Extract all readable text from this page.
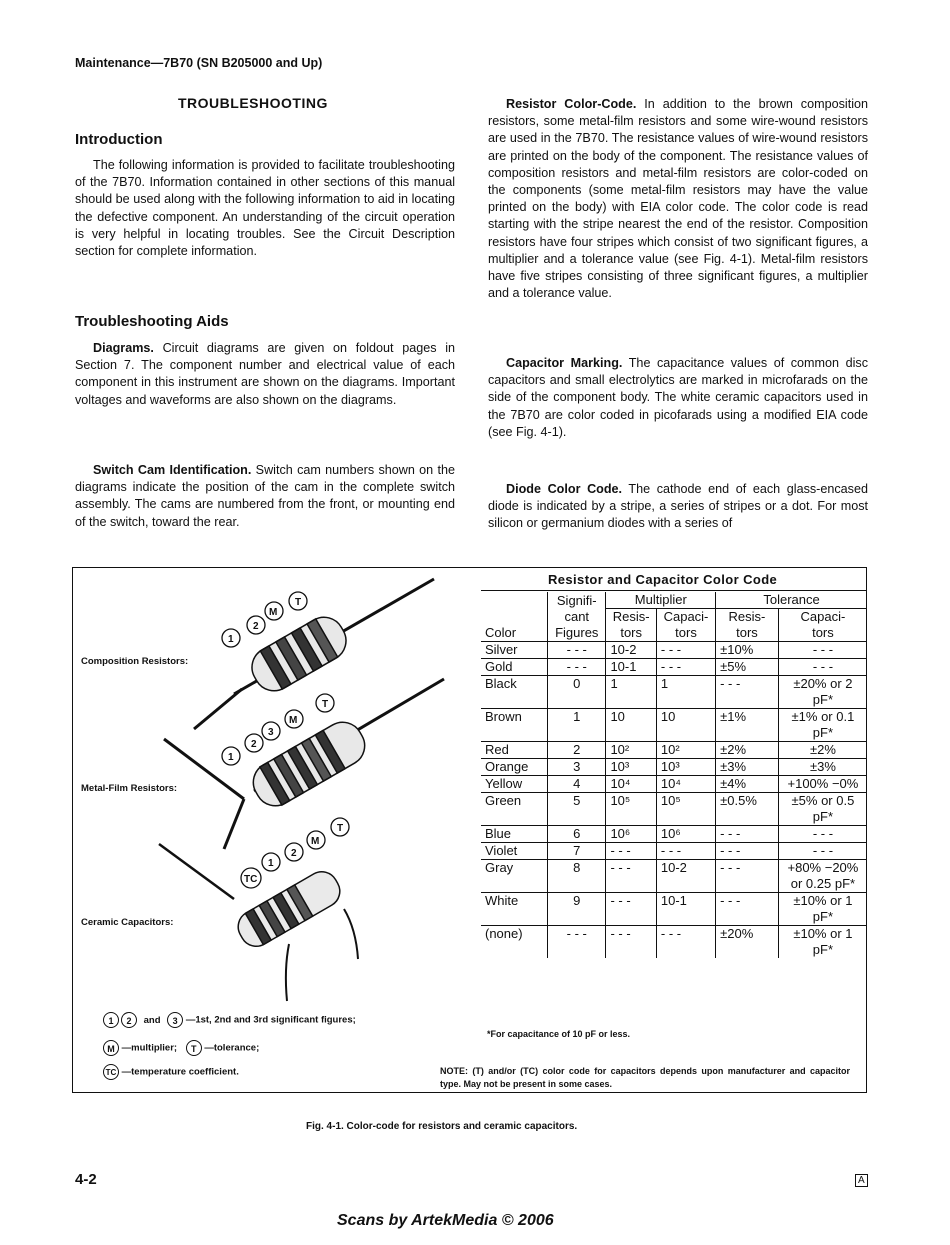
Maintenance—7B70 (SN B205000 and Up)
TROUBLESHOOTING
Introduction

The following information is provided to facilitate troubleshooting of the 7B70. Information contained in other sections of this manual should be used along with the following information to aid in locating the defective component. An understanding of the circuit operation is very helpful in locating troubles. See the Circuit Description section for complete information.

Troubleshooting Aids

Diagrams. Circuit diagrams are given on foldout pages in Section 7. The component number and electrical value of each component in this instrument are shown on the diagrams. Important voltages and waveforms are also shown on the diagrams.

Switch Cam Identification. Switch cam numbers shown on the diagrams indicate the position of the cam in the complete switch assembly. The cams are numbered from the front, or mounting end of the switch, toward the rear.

Resistor Color-Code. In addition to the brown composition resistors, some metal-film resistors and some wire-wound resistors are used in the 7B70. The resistance values of wire-wound resistors are printed on the body of the component. The resistance values of composition resistors and metal-film resistors are color-coded on the components (some metal-film resistors may have the value printed on the body) with EIA color code. The color code is read starting with the stripe nearest the end of the resistor. Composition resistors have four stripes which consist of two significant figures, a multiplier and a tolerance value (see Fig. 4-1). Metal-film resistors have five stripes consisting of three significant figures, a multiplier and a tolerance value.

Capacitor Marking. The capacitance values of common disc capacitors and small electrolytics are marked in microfarads on the side of the component body. The white ceramic capacitors used in the 7B70 are color coded in picofarads using a modified EIA code (see Fig. 4-1).

Diode Color Code. The cathode end of each glass-encased diode is indicated by a stripe, a series of stripes or a dot. For most silicon or germanium diodes with a series of

1
2
M
T
1
2
3
M
T
TC
1
2
M
T
Composition Resistors:
Metal-Film Resistors:
Ceramic Capacitors:
1 2 and 3 —1st, 2nd and 3rd significant figures;
M —multiplier; T —tolerance;
TC —temperature coefficient.
Resistor and Capacitor Color Code
	Signifi-	Multiplier		Tolerance	
	cant	Resis-	Capaci-	Resis-	Capaci-
Color	Figures	tors	tors	tors	tors
Silver	- - -	10-2	- - -	±10%	- - -
Gold	- - -	10-1	- - -	±5%	- - -
Black	0	1	1	- - -	±20% or 2 pF*
Brown	1	10	10	±1%	±1% or 0.1 pF*
Red	2	10²	10²	±2%	±2%
Orange	3	10³	10³	±3%	±3%
Yellow	4	10⁴	10⁴	±4%	+100% −0%
Green	5	10⁵	10⁵	±0.5%	±5% or 0.5 pF*
Blue	6	10⁶	10⁶	- - -	- - -
Violet	7	- - -	- - -	- - -	- - -
Gray	8	- - -	10-2	- - -	+80% −20% or 0.25 pF*
White	9	- - -	10-1	- - -	±10% or 1 pF*
(none)	- - -	- - -	- - -	±20%	±10% or 1 pF*
*For capacitance of 10 pF or less.
NOTE: (T) and/or (TC) color code for capacitors depends upon manufacturer and capacitor type. May not be present in some cases.
Fig. 4-1. Color-code for resistors and ceramic capacitors.
4-2	A
Scans by ArtekMedia © 2006
